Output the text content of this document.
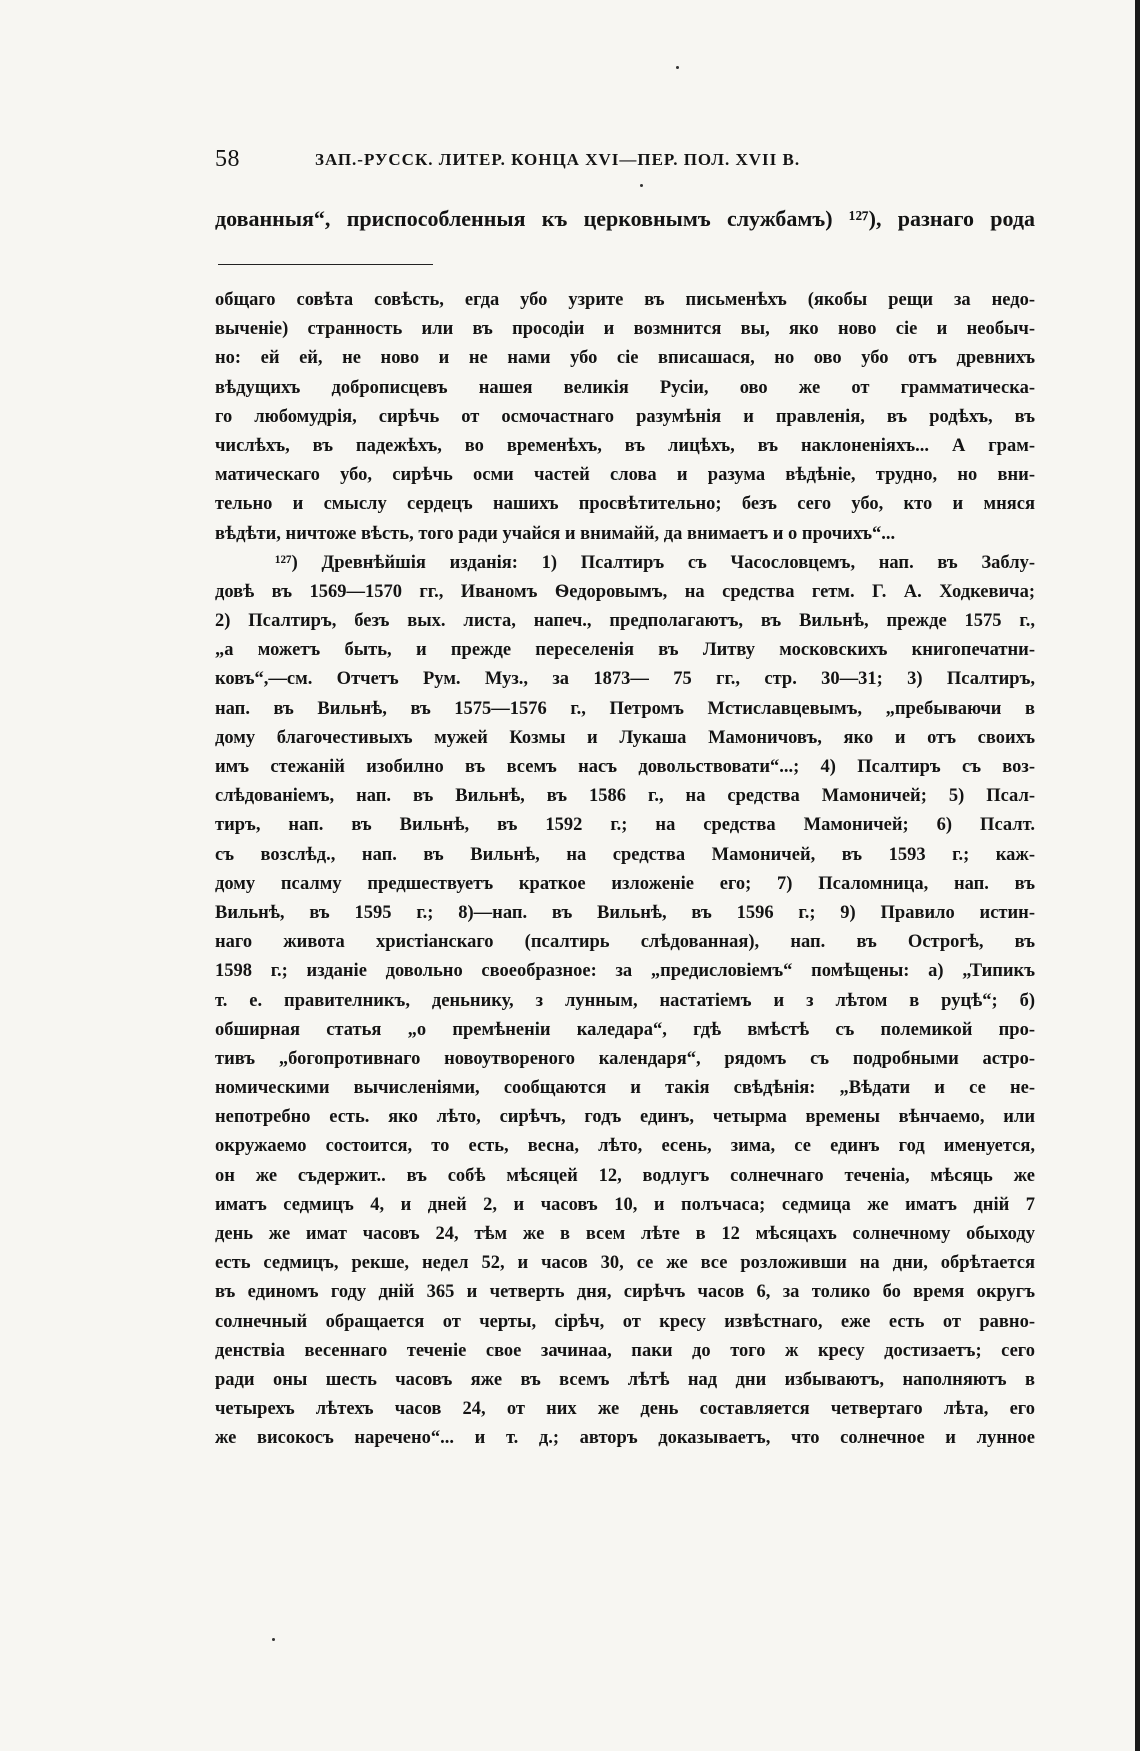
58	ЗАП.-РУССК. ЛИТЕР. КОНЦА XVI—ПЕР. ПОЛ. XVII В.
дованныя“, приспособленныя къ церковнымъ службамъ) ¹²⁷), разнаго рода
общаго совѣта совѣсть, егда убо узрите въ письменѣхъ (якобы рещи за недо-
выченіе) странность или въ просодіи и возмнится вы, яко ново сіе и необыч-
но: ей ей, не ново и не нами убо сіе вписашася, но ово убо отъ древнихъ
вѣдущихъ доброписцевъ нашея великія Русіи, ово же от грамматическа-
го любомудрія, сирѣчь от осмочастнаго разумѣнія и правленія, въ родѣхъ, въ
числѣхъ, въ падежѣхъ, во временѣхъ, въ лицѣхъ, въ наклоненіяхъ... А грам-
матическаго убо, сирѣчь осми частей слова и разума вѣдѣніе, трудно, но вни-
тельно и смыслу сердецъ нашихъ просвѣтительно; безъ сего убо, кто и мняся
вѣдѣти, ничтоже вѣсть, того ради учайся и внимайй, да внимаетъ и о прочихъ“...
¹²⁷) Древнѣйшія изданія: 1) Псалтиръ съ Часословцемъ, нап. въ Заблу-
довѣ въ 1569—1570 гг., Иваномъ Ѳедоровымъ, на средства гетм. Г. А. Ходкевича;
2) Псалтиръ, безъ вых. листа, напеч., предполагаютъ, въ Вильнѣ, прежде 1575 г.,
„а можетъ быть, и прежде переселенія въ Литву московскихъ книгопечатни-
ковъ“,—см. Отчетъ Рум. Муз., за 1873— 75 гг., стр. 30—31; 3) Псалтиръ,
нап. въ Вильнѣ, въ 1575—1576 г., Петромъ Мстиславцевымъ, „пребываючи в
дому благочестивыхъ мужей Козмы и Лукаша Мамоничовъ, яко и отъ своихъ
имъ стежаній изобилно въ всемъ насъ довольствовати“...; 4) Псалтиръ съ воз-
слѣдованіемъ, нап. въ Вильнѣ, въ 1586 г., на средства Мамоничей; 5) Псал-
тиръ, нап. въ Вильнѣ, въ 1592 г.; на средства Мамоничей; 6) Псалт.
съ возслѣд., нап. въ Вильнѣ, на средства Мамоничей, въ 1593 г.; каж-
дому псалму предшествуетъ краткое изложеніе его; 7) Псаломница, нап. въ
Вильнѣ, въ 1595 г.; 8)—нап. въ Вильнѣ, въ 1596 г.; 9) Правило истин-
наго живота христіанскаго (псалтирь слѣдованная), нап. въ Острогѣ, въ
1598 г.; изданіе довольно своеобразное: за „предисловіемъ“ помѣщены: а) „Типикъ
т. е. правителникъ, деньнику, з лунным, настатіемъ и з лѣтом в руцѣ“; б)
обширная статья „о премѣненіи каледара“, гдѣ вмѣстѣ съ полемикой про-
тивъ „богопротивнаго новоутвореного календаря“, рядомъ съ подробными астро-
номическими вычисленіями, сообщаются и такія свѣдѣнія: „Вѣдати и се не-
непотребно есть. яко лѣто, сирѣчъ, годъ единъ, четырма времены вѣнчаемо, или
окружаемо состоится, то есть, весна, лѣто, есень, зима, се единъ год именуется,
он же съдержит.. въ собѣ мѣсяцей 12, водлугъ солнечнаго теченіа, мѣсяць же
иматъ седмицъ 4, и дней 2, и часовъ 10, и полъчаса; седмица же иматъ дній 7
день же имат часовъ 24, тѣм же в всем лѣте в 12 мѣсяцахъ солнечному обыходу
есть седмицъ, рекше, недел 52, и часов 30, се же все розложивши на дни, обрѣтается
въ единомъ году дній 365 и четверть дня, сирѣчъ часов 6, за толико бо время округъ
солнечный обращается от черты, сірѣч, от кресу извѣстнаго, еже есть от равно-
денствіа весеннаго теченіе свое зачинаа, паки до того ж кресу достизаетъ; сего
ради оны шесть часовъ яже въ всемъ лѣтѣ над дни избываютъ, наполняютъ в
четырехъ лѣтехъ часов 24, от них же день составляется четвертаго лѣта, его
же високосъ наречено“... и т. д.; авторъ доказываетъ, что солнечное и лунное
